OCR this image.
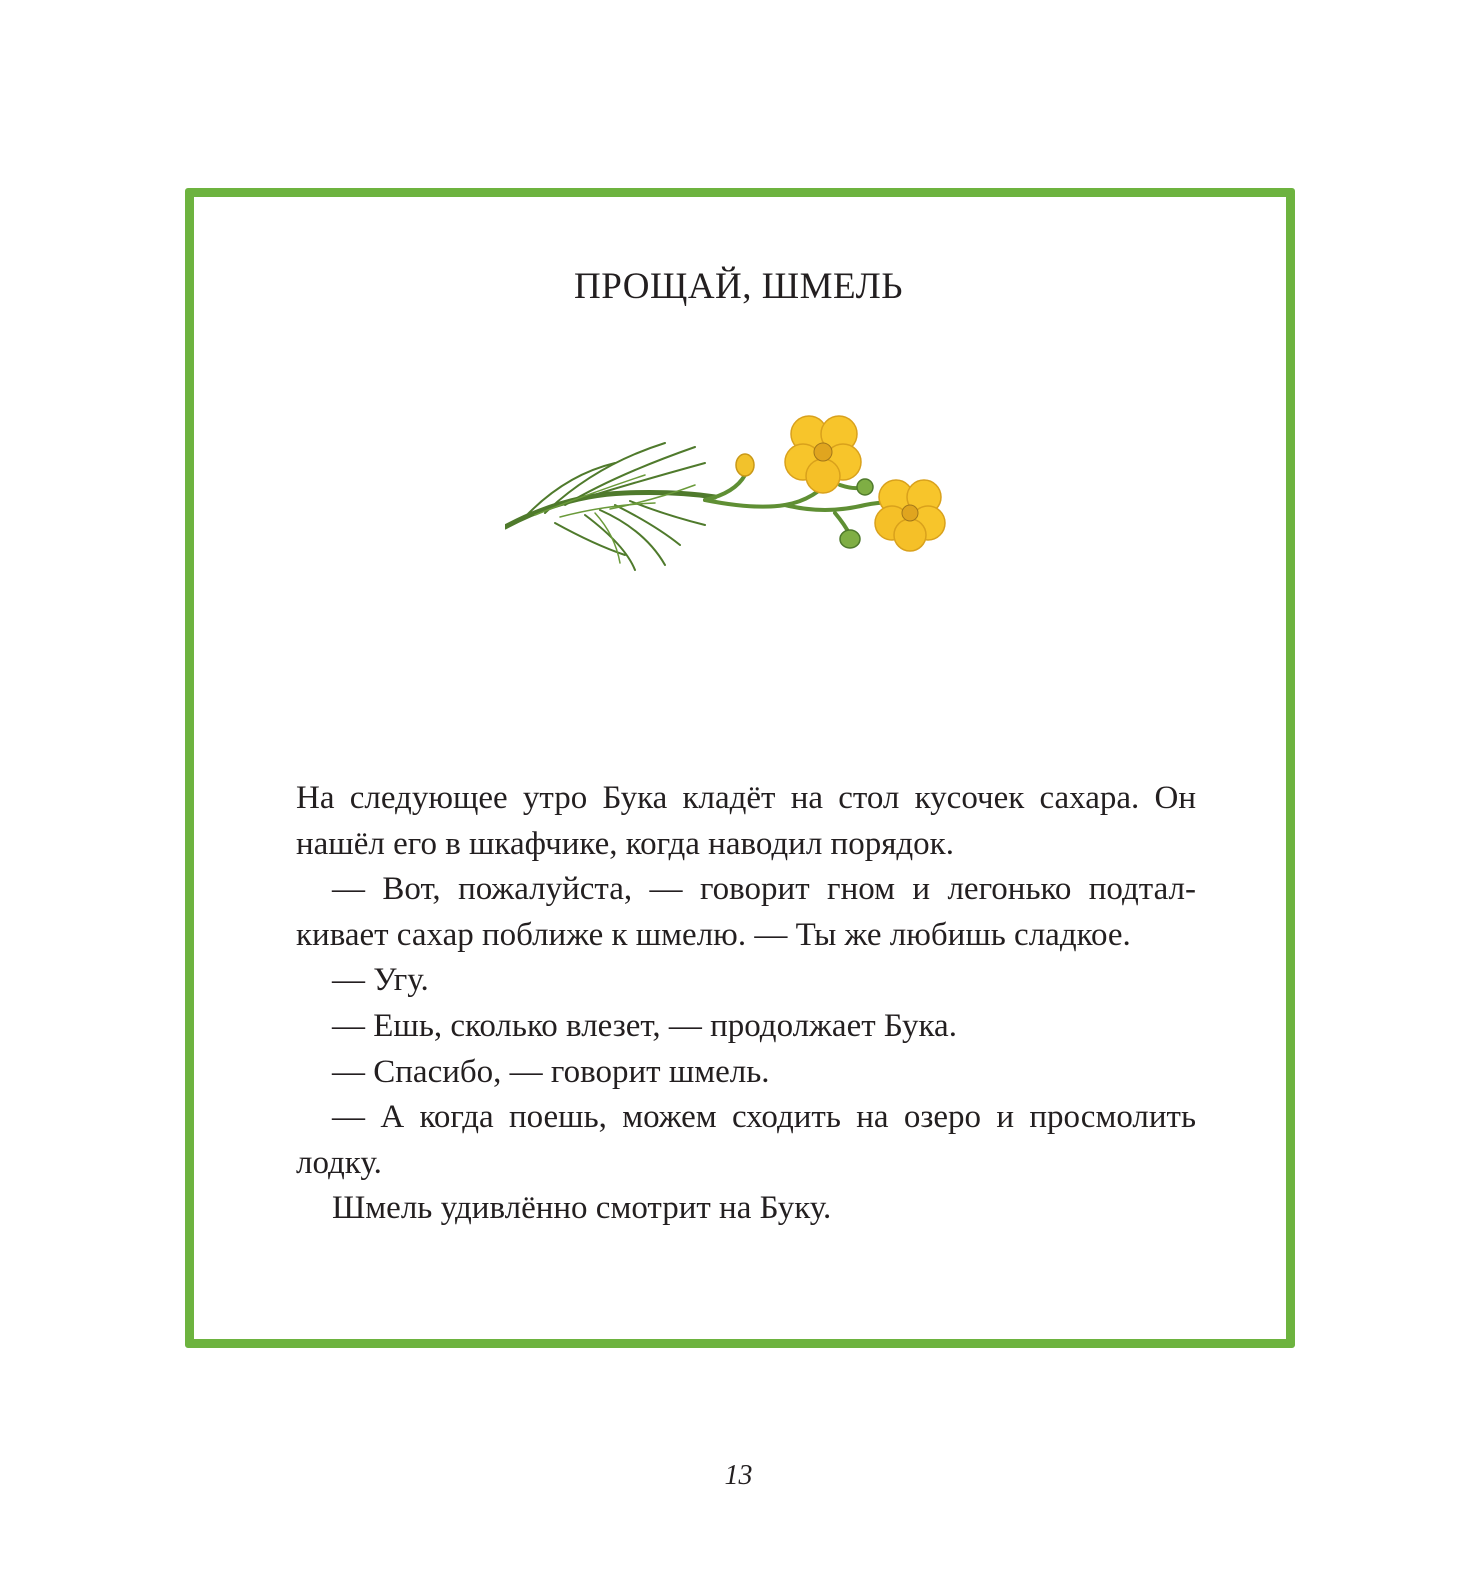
ПРОЩАЙ, ШМЕЛЬ

На следующее утро Бука кладёт на стол кусочек сахара. Он нашёл его в шкафчике, когда наводил порядок.

— Вот, пожалуйста, — говорит гном и легонько подталкивает сахар поближе к шмелю. — Ты же любишь сладкое.

— Угу.

— Ешь, сколько влезет, — продолжает Бука.

— Спасибо, — говорит шмель.

— А когда поешь, можем сходить на озеро и просмолить лодку.

Шмель удивлённо смотрит на Буку.

13
